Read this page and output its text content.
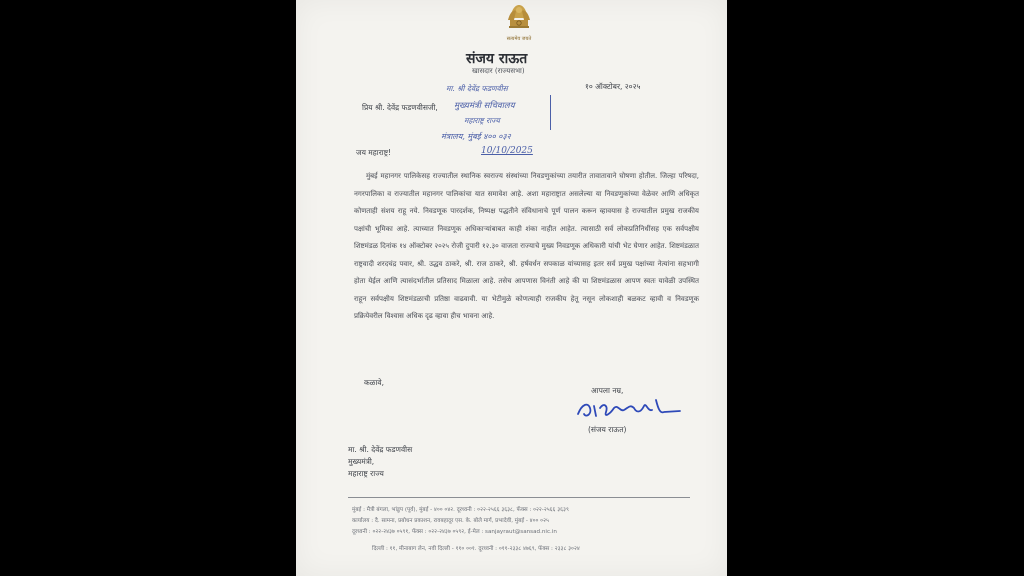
सत्यमेव जयते
संजय राऊत
खासदार (राज्यसभा)
१० ऑक्टोबर, २०२५
प्रिय श्री. देवेंद्र फडणवीसजी,
मा. श्री देवेंद्र फडणवीस
मुख्यमंत्री सचिवालय
महाराष्ट्र राज्य
मंत्रालय, मुंबई ४०० ०३२
10/10/2025
जय महाराष्ट्र!
मुंबई महानगर पालिकेसह राज्यातील स्थानिक स्वराज्य संस्थांच्या निवडणुकांच्या तयारीत तावातावाने घोषणा होतील. जिल्हा परिषदा, नगरपालिका व राज्यातील महानगर पालिकांचा यात समावेश आहे. अशा महाराष्ट्रात असलेल्या या निवडणुकांच्या वेळेवर आणि अधिकृत कोणताही संशय राहू नये. निवडणूक पारदर्शक, निष्पक्ष पद्धतीने संविधानाचे पूर्ण पालन करून व्हावयास हे राज्यातील प्रमुख राजकीय पक्षांची भूमिका आहे. त्याच्यात निवडणूक अधिकाऱ्यांबाबत काही शंका नाहीत आहेत. त्यासाठी सर्व लोकप्रतिनिधींसह एक सर्वपक्षीय शिष्टमंडळ दिनांक १४ ऑक्टोबर २०२५ रोजी दुपारी १२.३० वाजता राज्याचे मुख्य निवडणूक अधिकारी यांची भेट घेणार आहेत. शिष्टमंडळात राष्ट्रवादी शरदचंद्र पवार, श्री. उद्धव ठाकरे, श्री. राज ठाकरे, श्री. हर्षवर्धन सपकाळ यांच्यासह इतर सर्व प्रमुख पक्षांच्या नेत्यांना सहभागी होता येईल आणि त्यासंदर्भातील प्रतिसाद मिळाला आहे. तसेच आपणास विनंती आहे की या शिष्टमंडळास आपण स्वतः यावेळी उपस्थित राहून सर्वपक्षीय शिष्टमंडळाची प्रतिष्ठा वाढवावी. या भेटीमुळे कोणत्याही राजकीय हेतू नसून लोकशाही बळकट व्हावी व निवडणूक प्रक्रियेवरील विश्वास अधिक दृढ व्हावा हीच भावना आहे.
कळावे,
आपला नम्र,
(संजय राऊत)
मा. श्री. देवेंद्र फडणवीस
मुख्यमंत्री,
महाराष्ट्र राज्य
मुंबई : मैत्री बंगला, भांडुप (पूर्व), मुंबई - ४०० ०४२. दूरध्वनी : ०२२-२५६६ ३६३८, फॅक्स : ०२२-२५६६ ३६३९
कार्यालय : दै. सामना, प्रबोधन प्रकाशन, रावबहादूर एस. के. बोले मार्ग, प्रभादेवी, मुंबई - ४०० ०२५
दूरध्वनी : ०२२-२४३७ ०५९१, फॅक्स : ०२२-२४३७ ०५९२, ई-मेल : sanjayraut@sansad.nic.in
दिल्ली : ११, मीनाबाग लेन, नवी दिल्ली - ११० ००१. दूरध्वनी : ०११-२३३८ ४७६९, फॅक्स : २३३८ ३०२४
